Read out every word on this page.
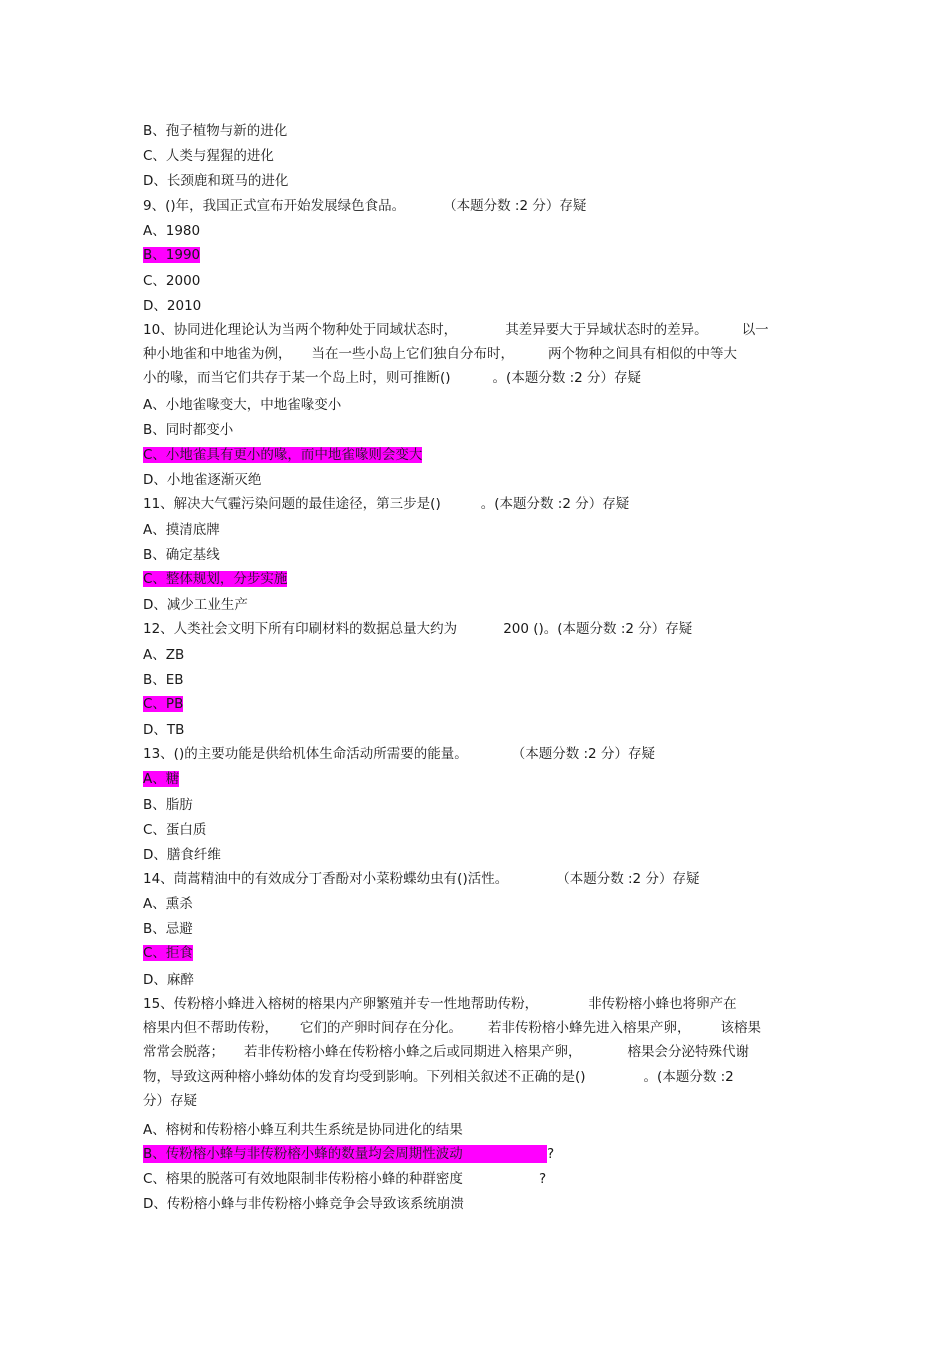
B、孢子植物与新的进化
C、人类与猩猩的进化
D、长颈鹿和斑马的进化
9、()年，我国正式宣布开始发展绿色食品。	（本题分数 :2 分）存疑
A、1980
B、1990
C、2000
D、2010
10、协同进化理论认为当两个物种处于同域状态时，	其差异要大于异域状态时的差异。	以一
种小地雀和中地雀为例， 当在一些小岛上它们独自分布时，	两个物种之间具有相似的中等大
小的喙，而当它们共存于某一个岛上时，则可推断()	。(本题分数 :2 分）存疑
A、小地雀喙变大，中地雀喙变小
B、同时都变小
C、小地雀具有更小的喙，而中地雀喙则会变大
D、小地雀逐渐灭绝
11、解决大气霾污染问题的最佳途径，第三步是()	。(本题分数 :2 分）存疑
A、摸清底牌
B、确定基线
C、整体规划，分步实施
D、减少工业生产
12、人类社会文明下所有印刷材料的数据总量大约为	200 ()。(本题分数 :2 分）存疑
A、ZB
B、EB
C、PB
D、TB
13、()的主要功能是供给机体生命活动所需要的能量。	（本题分数 :2 分）存疑
A、糖
B、脂肪
C、蛋白质
D、膳食纤维
14、茼蒿精油中的有效成分丁香酚对小菜粉蝶幼虫有()活性。	（本题分数 :2 分）存疑
A、熏杀
B、忌避
C、拒食
D、麻醉
15、传粉榕小蜂进入榕树的榕果内产卵繁殖并专一性地帮助传粉，	非传粉榕小蜂也将卵产在
榕果内但不帮助传粉， 它们的产卵时间存在分化。 若非传粉榕小蜂先进入榕果产卵， 该榕果
常常会脱落； 若非传粉榕小蜂在传粉榕小蜂之后或同期进入榕果产卵，	榕果会分泌特殊代谢
物，导致这两种榕小蜂幼体的发育均受到影响。下列相关叙述不正确的是()	。(本题分数 :2
分）存疑
A、榕树和传粉榕小蜂互利共生系统是协同进化的结果
B、传粉榕小蜂与非传粉榕小蜂的数量均会周期性波动	?
C、榕果的脱落可有效地限制非传粉榕小蜂的种群密度	?
D、传粉榕小蜂与非传粉榕小蜂竞争会导致该系统崩溃
